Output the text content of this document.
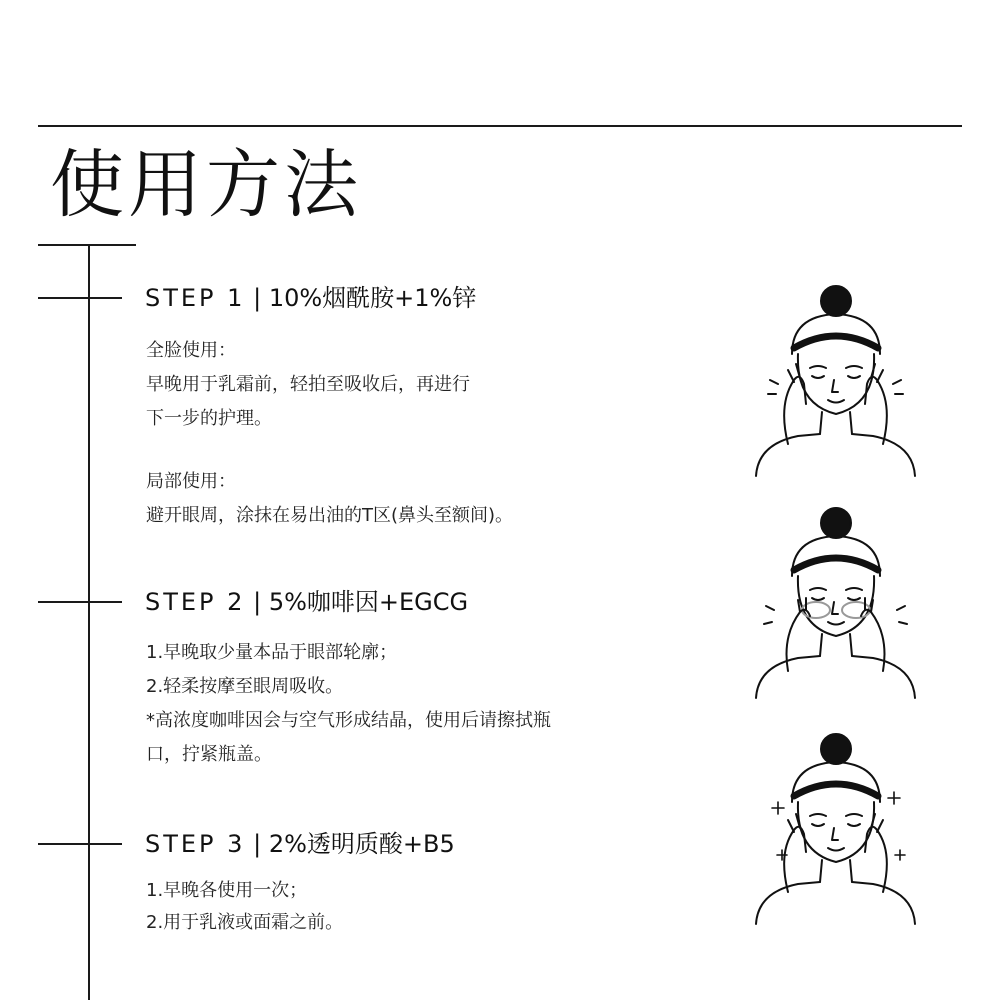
使用方法
STEP 1 | 10%烟酰胺+1%锌
全脸使用：
早晚用于乳霜前，轻拍至吸收后，再进行
下一步的护理。
局部使用：
避开眼周，涂抹在易出油的T区(鼻头至额间)。
STEP 2 | 5%咖啡因+EGCG
1.早晚取少量本品于眼部轮廓；
2.轻柔按摩至眼周吸收。
*高浓度咖啡因会与空气形成结晶，使用后请擦拭瓶
口，拧紧瓶盖。
STEP 3 | 2%透明质酸+B5
1.早晚各使用一次；
2.用于乳液或面霜之前。
